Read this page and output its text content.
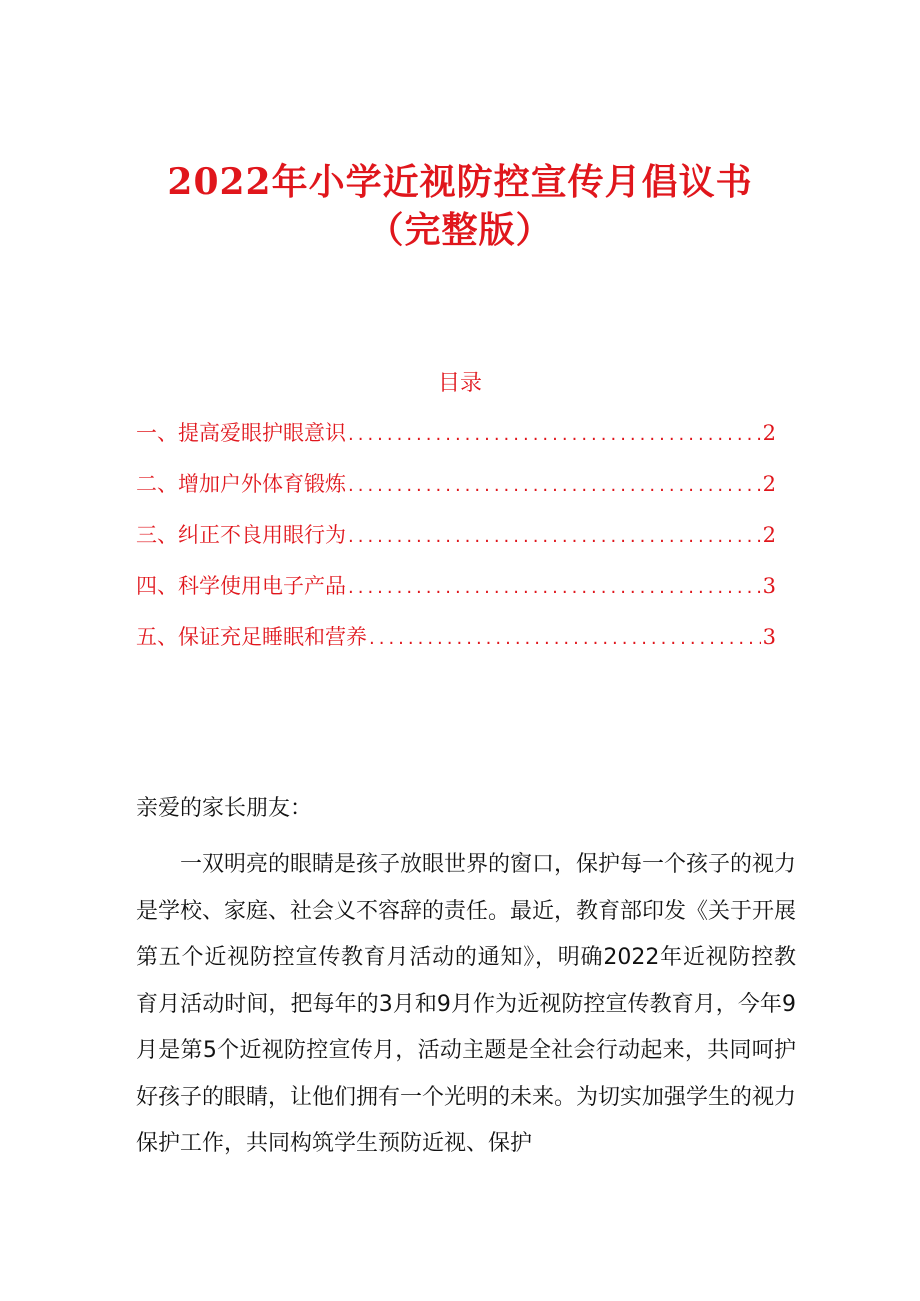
2022年小学近视防控宣传月倡议书
（完整版）
目录
一、提高爱眼护眼意识 .....	2
二、增加户外体育锻炼 .....	2
三、纠正不良用眼行为 .....	2
四、科学使用电子产品 .....	3
五、保证充足睡眠和营养 .....	3
亲爱的家长朋友：

一双明亮的眼睛是孩子放眼世界的窗口，保护每一个孩子的视力是学校、家庭、社会义不容辞的责任。最近，教育部印发《关于开展第五个近视防控宣传教育月活动的通知》，明确2022年近视防控教育月活动时间，把每年的3月和9月作为近视防控宣传教育月，今年9月是第5个近视防控宣传月，活动主题是全社会行动起来，共同呵护好孩子的眼睛，让他们拥有一个光明的未来。为切实加强学生的视力保护工作，共同构筑学生预防近视、保护
